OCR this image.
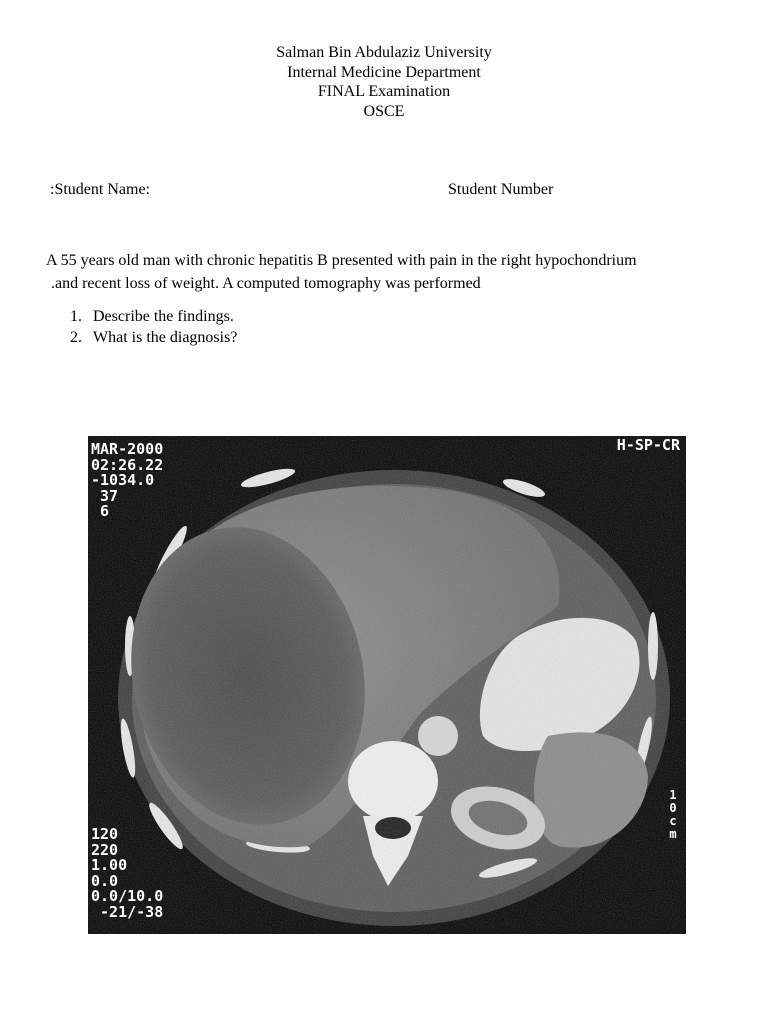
Salman Bin Abdulaziz University
Internal Medicine Department
FINAL Examination
OSCE
:Student Name:	Student Number
A 55 years old man with chronic hepatitis B presented with pain in the right hypochondrium
.and recent loss of weight. A computed tomography was performed
1. Describe the findings.
2. What is the diagnosis?
MAR-2000
02:26.22
-1034.0
37
6
H-SP-CR
120
220
1.00
0.0
0.0/10.0
-21/-38
10cm
